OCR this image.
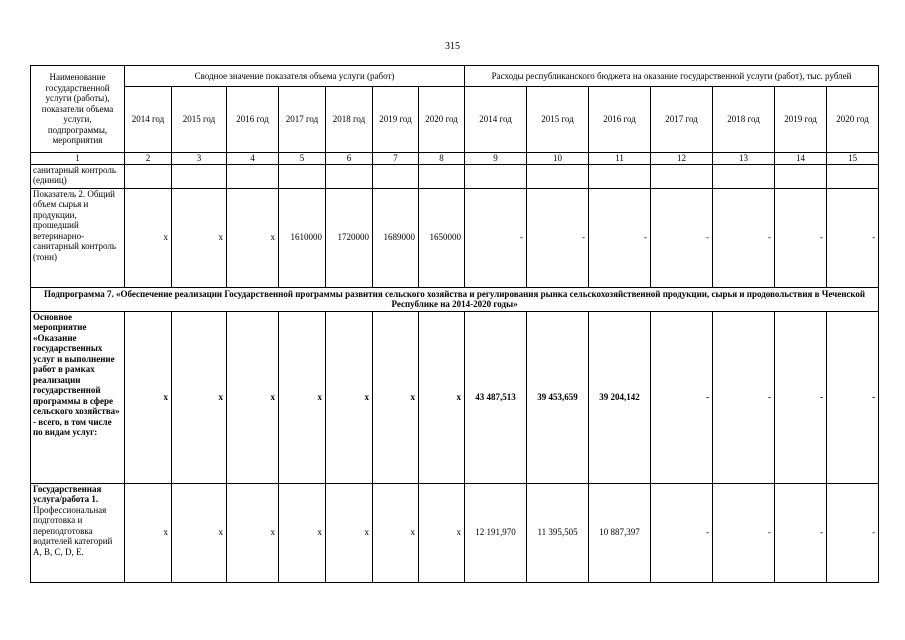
315
Наименование государственной услуги (работы), показатели объема услуги, подпрограммы, мероприятия	Сводное значение показателя объема услуги (работ)							Расходы республиканского бюджета на оказание государственной услуги (работ), тыс. рублей						
	2014 год	2015 год	2016 год	2017 год	2018 год	2019 год	2020 год	2014 год	2015 год	2016 год	2017 год	2018 год	2019 год	2020 год
1	2	3	4	5	6	7	8	9	10	11	12	13	14	15
санитарный контроль (единиц)														
Показатель 2. Общий объем сырья и продукции, прошедший ветеринарно-санитарный контроль (тонн)	x	x	x	1610000	1720000	1689000	1650000	-	-	-	-	-	-	-
Подпрограмма 7. «Обеспечение реализации Государственной программы развития сельского хозяйства и регулирования рынка сельскохозяйственной продукции, сырья и продовольствия в Чеченской Республике на 2014-2020 годы»														
Основное мероприятие «Оказание государственных услуг и выполнение работ в рамках реализации государственной программы в сфере сельского хозяйства» - всего, в том числе по видам услуг:	x	x	x	x	x	x	x	43 487,513	39 453,659	39 204,142	-	-	-	-
Государственная услуга/работа 1. Профессиональная подготовка и переподготовка водителей категорий A, B, C, D, E.	x	x	x	x	x	x	x	12 191,970	11 395,505	10 887,397	-	-	-	-
